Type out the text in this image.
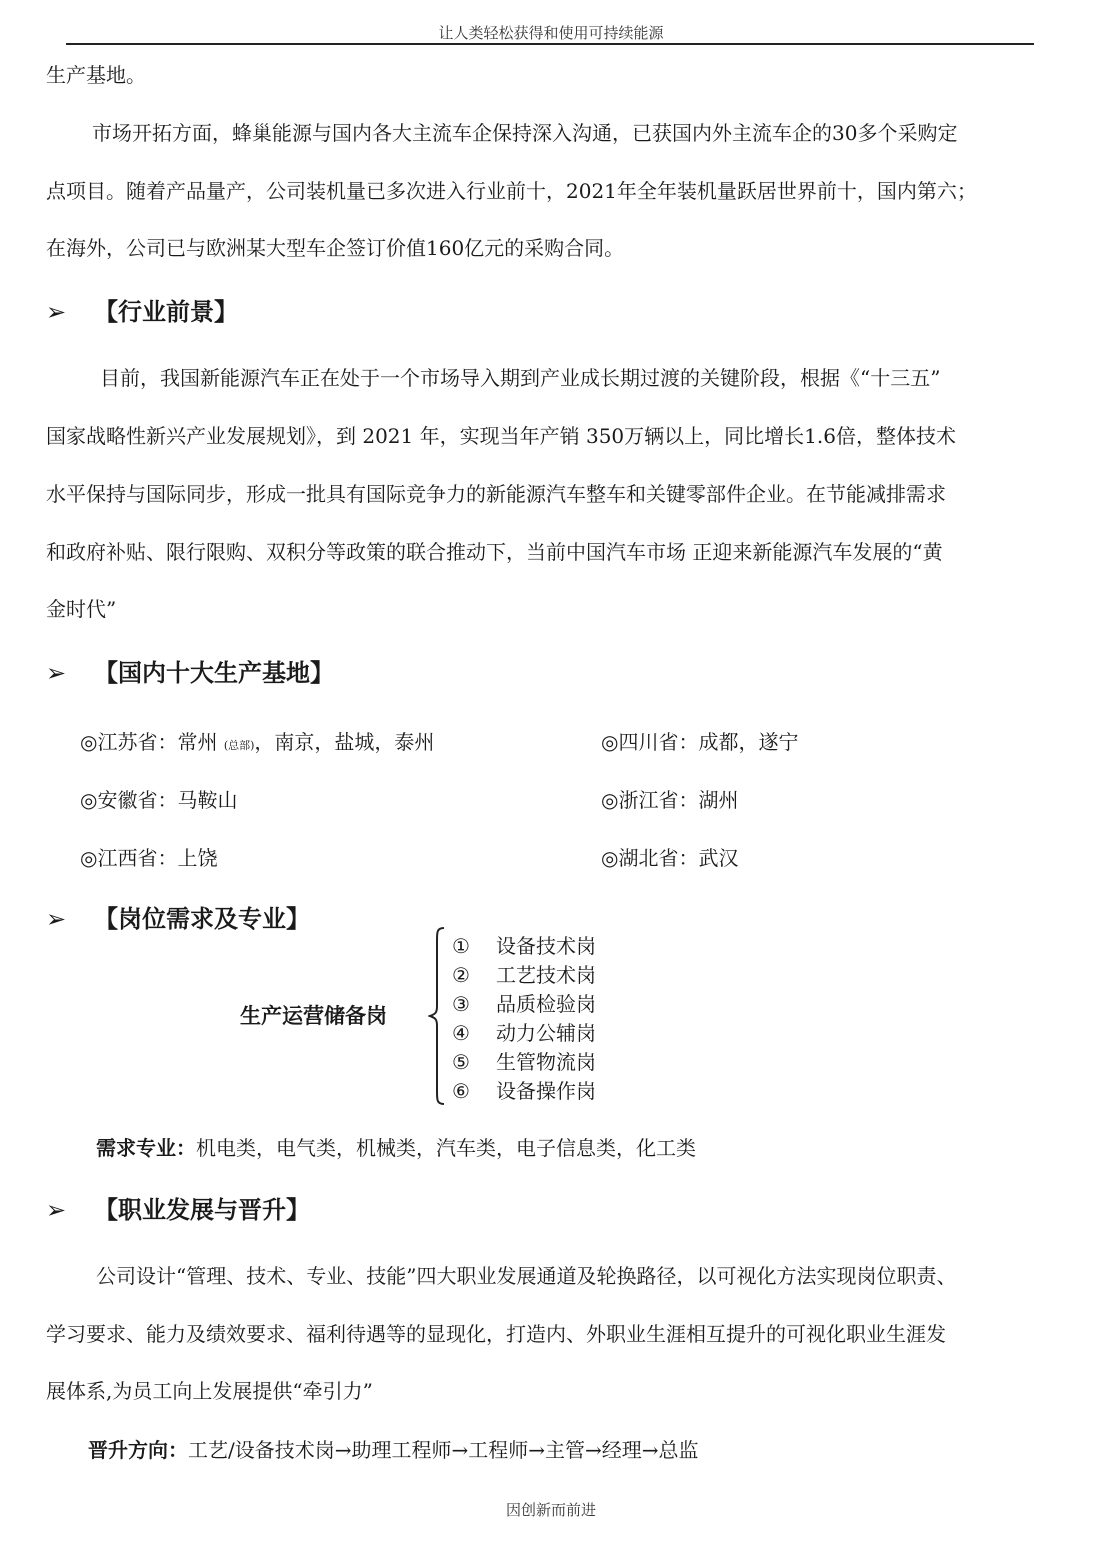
让人类轻松获得和使用可持续能源
生产基地。
市场开拓方面，蜂巢能源与国内各大主流车企保持深入沟通，已获国内外主流车企的30多个采购定
点项目。随着产品量产，公司装机量已多次进入行业前十，2021年全年装机量跃居世界前十，国内第六；
在海外，公司已与欧洲某大型车企签订价值160亿元的采购合同。
➢ 【行业前景】
目前，我国新能源汽车正在处于一个市场导入期到产业成长期过渡的关键阶段，根据《“十三五”
国家战略性新兴产业发展规划》，到 2021 年，实现当年产销 350万辆以上，同比增长1.6倍，整体技术
水平保持与国际同步，形成一批具有国际竞争力的新能源汽车整车和关键零部件企业。在节能减排需求
和政府补贴、限行限购、双积分等政策的联合推动下，当前中国汽车市场 正迎来新能源汽车发展的“黄
金时代”
➢ 【国内十大生产基地】
◎江苏省：常州 (总部)，南京，盐城，泰州
◎安徽省：马鞍山
◎江西省：上饶
◎四川省：成都，遂宁
◎浙江省：湖州
◎湖北省：武汉
➢ 【岗位需求及专业】
生产运营储备岗
① 设备技术岗
② 工艺技术岗
③ 品质检验岗
④ 动力公辅岗
⑤ 生管物流岗
⑥ 设备操作岗
需求专业：机电类，电气类，机械类，汽车类，电子信息类，化工类
➢ 【职业发展与晋升】
公司设计“管理、技术、专业、技能”四大职业发展通道及轮换路径，以可视化方法实现岗位职责、
学习要求、能力及绩效要求、福利待遇等的显现化，打造内、外职业生涯相互提升的可视化职业生涯发
展体系,为员工向上发展提供“牵引力”
晋升方向：工艺/设备技术岗→助理工程师→工程师→主管→经理→总监
因创新而前进
